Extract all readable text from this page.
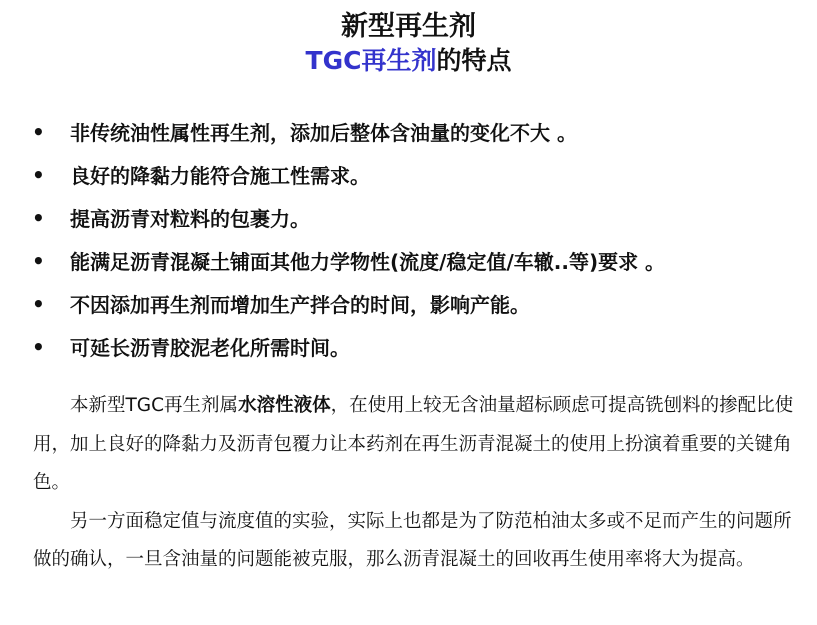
新型再生剂
TGC再生剂的特点
•	非传统油性属性再生剂，添加后整体含油量的变化不大 。
•	良好的降黏力能符合施工性需求。
•	提高沥青对粒料的包裹力。
•	能满足沥青混凝土铺面其他力学物性(流度/稳定值/车辙..等)要求 。
•	不因添加再生剂而增加生产拌合的时间，影响产能。
•	可延长沥青胶泥老化所需时间。

本新型TGC再生剂属水溶性液体，在使用上较无含油量超标顾虑可提高铣刨料的掺配比使用，加上良好的降黏力及沥青包覆力让本药剂在再生沥青混凝土的使用上扮演着重要的关键角色。

另一方面稳定值与流度值的实验，实际上也都是为了防范柏油太多或不足而产生的问题所做的确认，一旦含油量的问题能被克服，那么沥青混凝土的回收再生使用率将大为提高。
